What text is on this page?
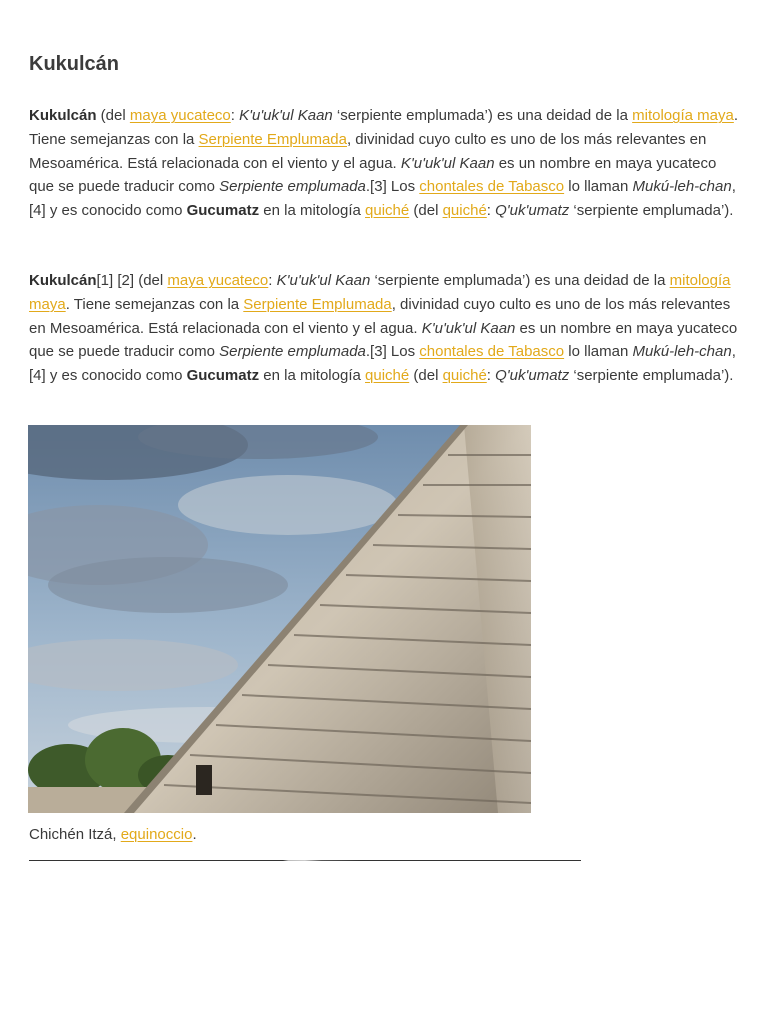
Kukulcán

Kukulcán (del maya yucateco: K'u'uk'ul Kaan ‘serpiente emplumada’) es una deidad de la mitología maya. Tiene semejanzas con la Serpiente Emplumada, divinidad cuyo culto es uno de los más relevantes en Mesoamérica. Está relacionada con el viento y el agua. K'u'uk'ul Kaan es un nombre en maya yucateco que se puede traducir como Serpiente emplumada.[3] Los chontales de Tabasco lo llaman Mukú-leh-chan,[4] y es conocido como Gucumatz en la mitología quiché (del quiché: Q'uk'umatz ‘serpiente emplumada’).

Kukulcán[1] [2] (del maya yucateco: K'u'uk'ul Kaan ‘serpiente emplumada’) es una deidad de la mitología maya. Tiene semejanzas con la Serpiente Emplumada, divinidad cuyo culto es uno de los más relevantes en Mesoamérica. Está relacionada con el viento y el agua. K'u'uk'ul Kaan es un nombre en maya yucateco que se puede traducir como Serpiente emplumada.[3] Los chontales de Tabasco lo llaman Mukú-leh-chan,[4] y es conocido como Gucumatz en la mitología quiché (del quiché: Q'uk'umatz ‘serpiente emplumada’).

Chichén Itzá, equinoccio.
